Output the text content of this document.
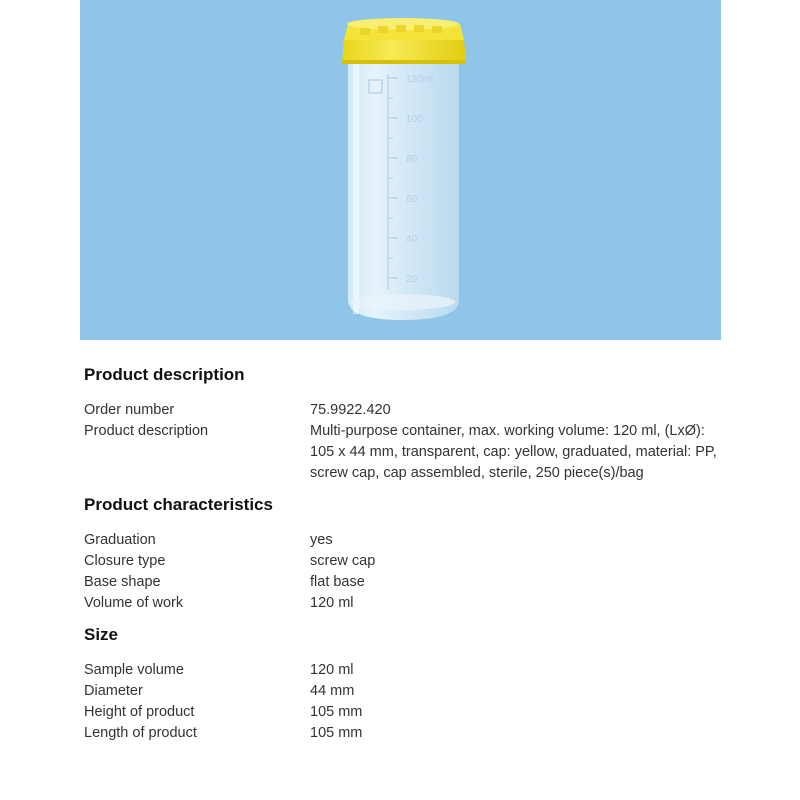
120ml
100
80
60
40
20
Product description
Order number	75.9922.420
Product description	Multi-purpose container, max. working volume: 120 ml, (LxØ): 105 x 44 mm, transparent, cap: yellow, graduated, material: PP, screw cap, cap assembled, sterile, 250 piece(s)/bag
Product characteristics
Graduation	yes
Closure type	screw cap
Base shape	flat base
Volume of work	120 ml
Size
Sample volume	120 ml
Diameter	44 mm
Height of product	105 mm
Length of product	105 mm
